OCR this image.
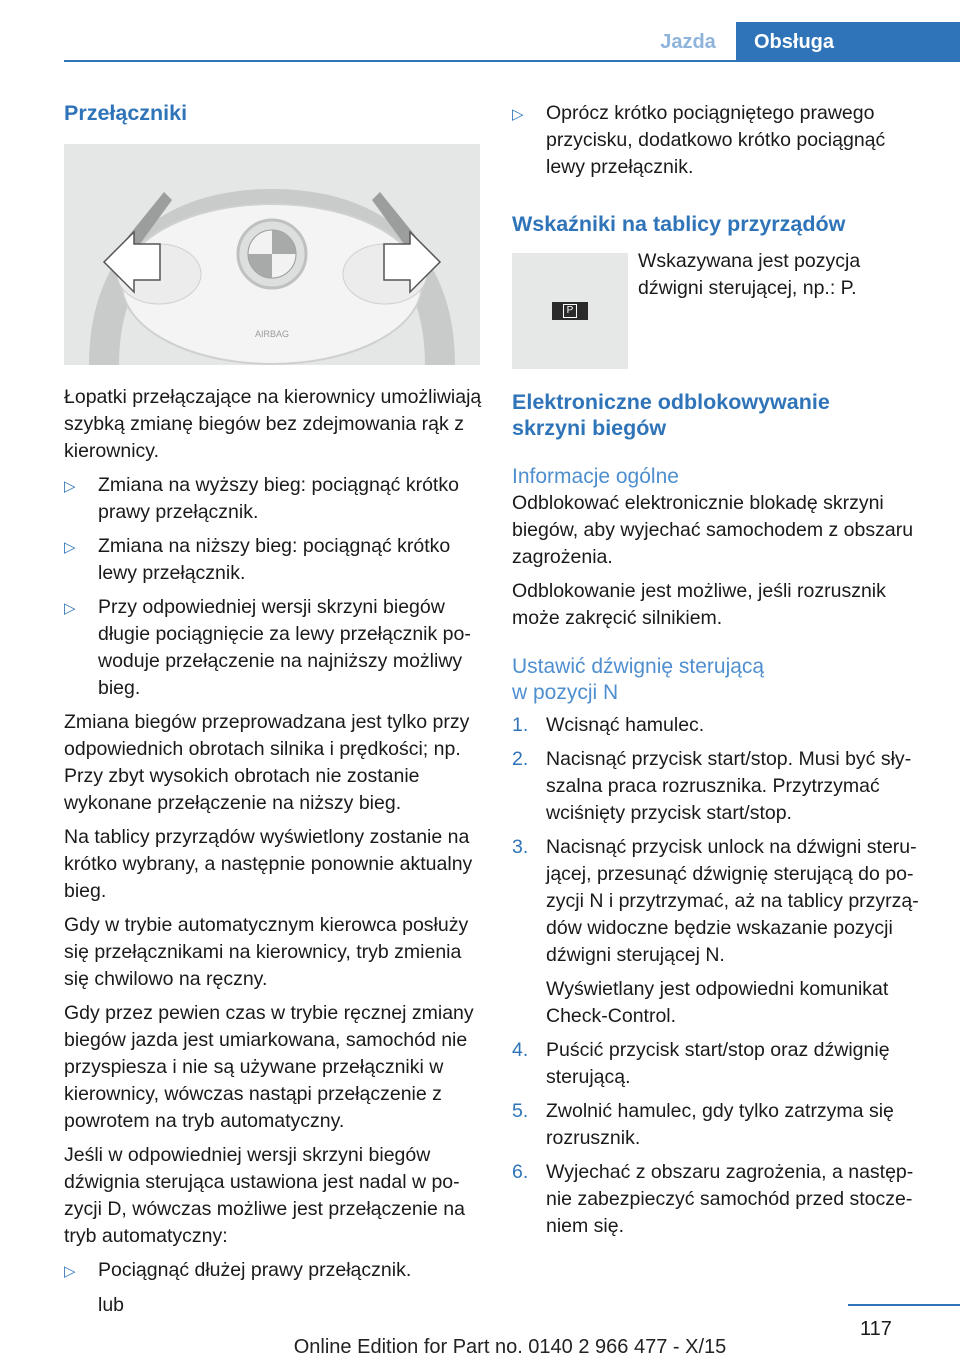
Jazda	Obsługa
Przełączniki
AIRBAG

Łopatki przełączające na kierownicy umożliwiają szybką zmianę biegów bez zdejmowania rąk z kierownicy.

▷	Zmiana na wyższy bieg: pociągnąć krótko prawy przełącznik.
▷	Zmiana na niższy bieg: pociągnąć krótko lewy przełącznik.
▷	Przy odpowiedniej wersji skrzyni biegów długie pociągnięcie za lewy przełącznik powoduje przełączenie na najniższy możliwy bieg.

Zmiana biegów przeprowadzana jest tylko przy odpowiednich obrotach silnika i prędkości; np. Przy zbyt wysokich obrotach nie zostanie wykonane przełączenie na niższy bieg.

Na tablicy przyrządów wyświetlony zostanie na krótko wybrany, a następnie ponownie aktualny bieg.

Gdy w trybie automatycznym kierowca posłuży się przełącznikami na kierownicy, tryb zmienia się chwilowo na ręczny.

Gdy przez pewien czas w trybie ręcznej zmiany biegów jazda jest umiarkowana, samochód nie przyspiesza i nie są używane przełączniki w kierownicy, wówczas nastąpi przełączenie z powrotem na tryb automatyczny.

Jeśli w odpowiedniej wersji skrzyni biegów dźwignia sterująca ustawiona jest nadal w pozycji D, wówczas możliwe jest przełączenie na tryb automatyczny:

▷	Pociągnąć dłużej prawy przełącznik.
lub
▷	Oprócz krótko pociągniętego prawego przycisku, dodatkowo krótko pociągnąć lewy przełącznik.
Wskaźniki na tablicy przyrządów
P
Wskazywana jest pozycja dźwigni sterującej, np.: P.
Elektroniczne odblokowywanie
skrzyni biegów
Informacje ogólne

Odblokować elektronicznie blokadę skrzyni biegów, aby wyjechać samochodem z obszaru zagrożenia.

Odblokowanie jest możliwe, jeśli rozrusznik może zakręcić silnikiem.

Ustawić dźwignię sterującą
w pozycji N
1. Wcisnąć hamulec.
2. Nacisnąć przycisk start/stop. Musi być słyszalna praca rozrusznika. Przytrzymać wciśnięty przycisk start/stop.
3. Nacisnąć przycisk unlock na dźwigni sterującej, przesunąć dźwignię sterującą do pozycji N i przytrzymać, aż na tablicy przyrządów widoczne będzie wskazanie pozycji dźwigni sterującej N.
Wyświetlany jest odpowiedni komunikat Check-Control.
4. Puścić przycisk start/stop oraz dźwignię sterującą.
5. Zwolnić hamulec, gdy tylko zatrzyma się rozrusznik.
6. Wyjechać z obszaru zagrożenia, a następnie zabezpieczyć samochód przed stoczeniem się.
117
Online Edition for Part no. 0140 2 966 477 - X/15
